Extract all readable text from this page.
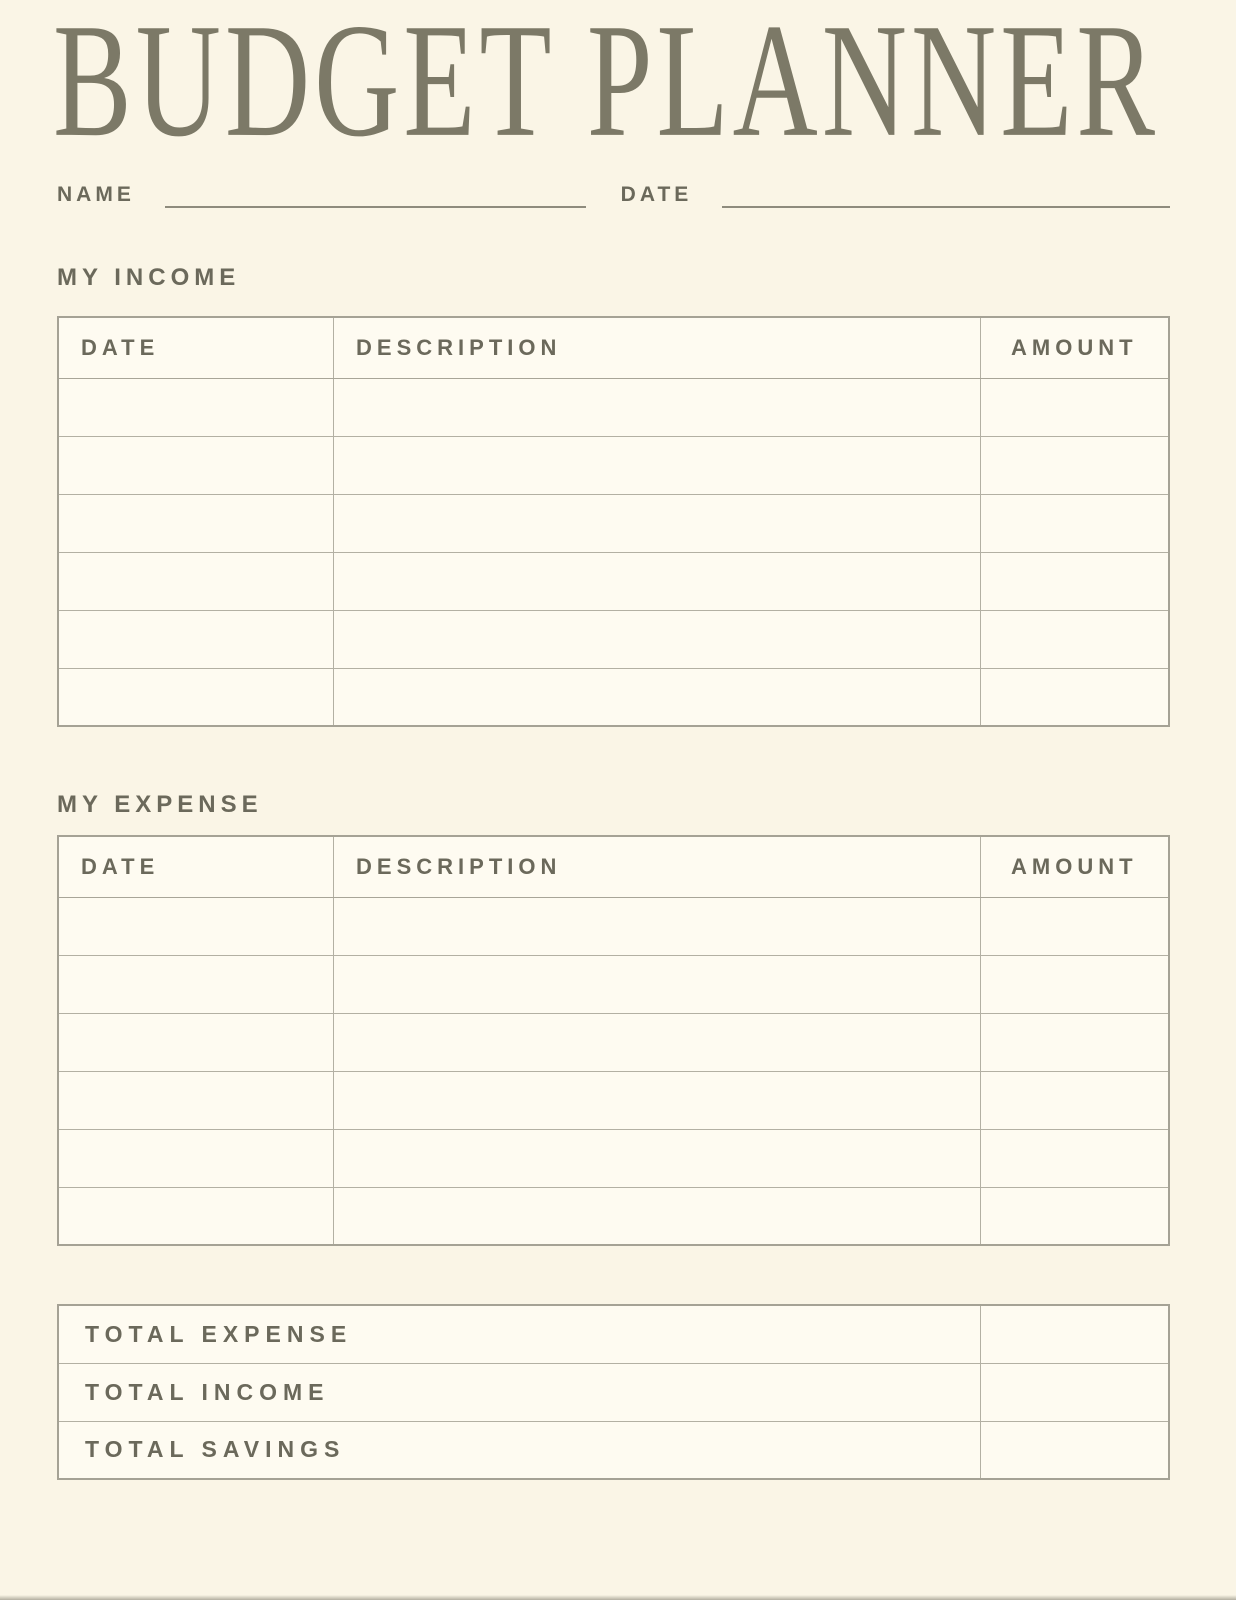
BUDGET PLANNER
NAME	DATE
MY INCOME
DATE	DESCRIPTION	AMOUNT

MY EXPENSE
DATE	DESCRIPTION	AMOUNT

TOTAL EXPENSE	
TOTAL INCOME	
TOTAL SAVINGS	
